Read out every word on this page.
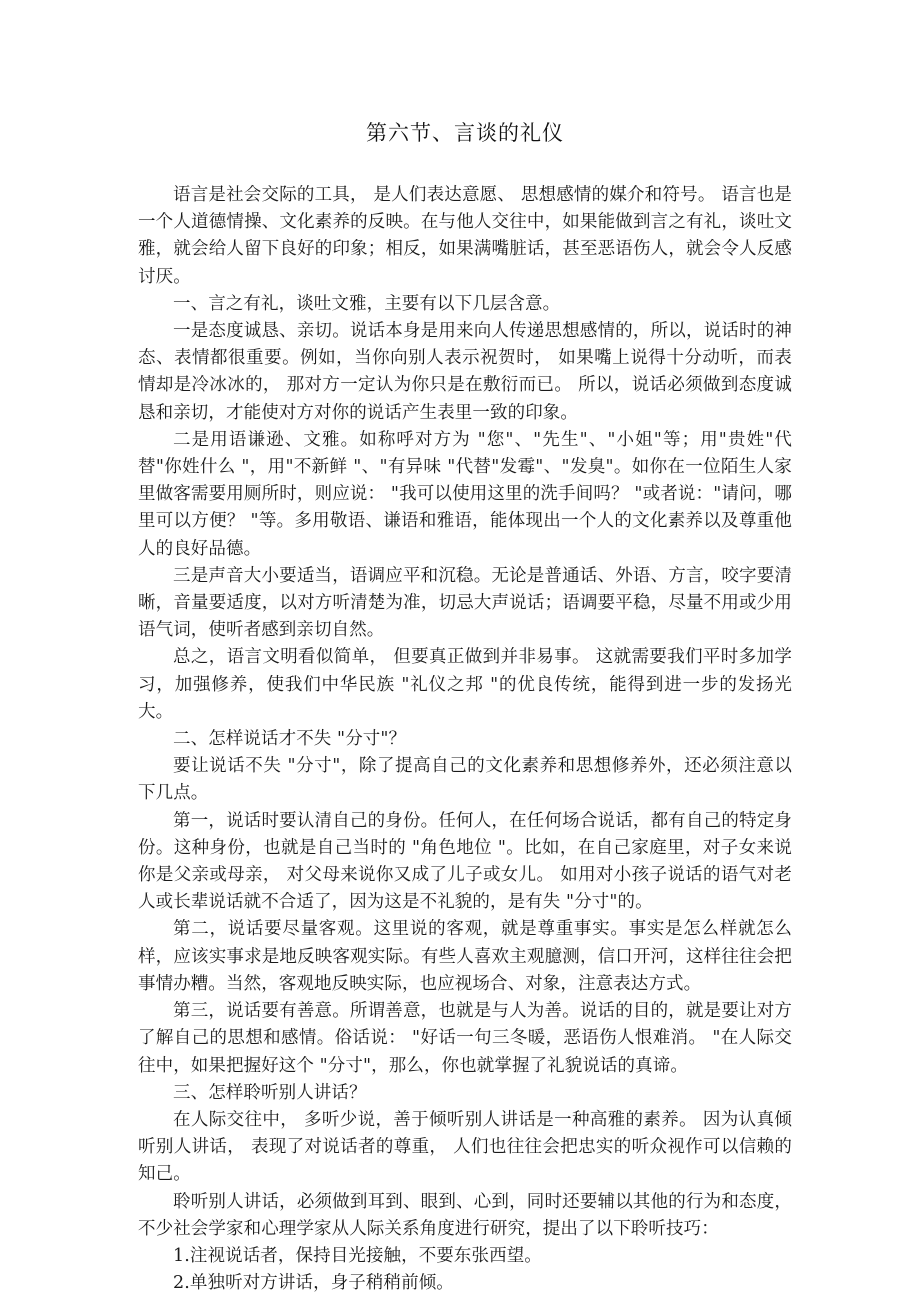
第六节、言谈的礼仪

语言是社会交际的工具， 是人们表达意愿、 思想感情的媒介和符号。 语言也是一个人道德情操、文化素养的反映。在与他人交往中，如果能做到言之有礼，谈吐文雅，就会给人留下良好的印象；相反，如果满嘴脏话，甚至恶语伤人，就会令人反感讨厌。

一、言之有礼，谈吐文雅，主要有以下几层含意。

一是态度诚恳、亲切。说话本身是用来向人传递思想感情的，所以，说话时的神态、表情都很重要。例如，当你向别人表示祝贺时， 如果嘴上说得十分动听，而表情却是冷冰冰的， 那对方一定认为你只是在敷衍而已。 所以，说话必须做到态度诚恳和亲切，才能使对方对你的说话产生表里一致的印象。

二是用语谦逊、文雅。如称呼对方为 "您"、"先生"、"小姐"等；用"贵姓"代替"你姓什么 "，用"不新鲜 "、"有异味 "代替"发霉"、"发臭"。如你在一位陌生人家里做客需要用厕所时，则应说： "我可以使用这里的洗手间吗？ "或者说："请问，哪里可以方便？ "等。多用敬语、谦语和雅语，能体现出一个人的文化素养以及尊重他人的良好品德。

三是声音大小要适当，语调应平和沉稳。无论是普通话、外语、方言，咬字要清晰，音量要适度，以对方听清楚为准，切忌大声说话；语调要平稳，尽量不用或少用语气词，使听者感到亲切自然。

总之，语言文明看似简单， 但要真正做到并非易事。 这就需要我们平时多加学习，加强修养，使我们中华民族 "礼仪之邦 "的优良传统，能得到进一步的发扬光大。

二、怎样说话才不失 "分寸"？

要让说话不失 "分寸"，除了提高自己的文化素养和思想修养外，还必须注意以下几点。

第一，说话时要认清自己的身份。任何人，在任何场合说话，都有自己的特定身份。这种身份，也就是自己当时的 "角色地位 "。比如，在自己家庭里，对子女来说你是父亲或母亲， 对父母来说你又成了儿子或女儿。 如用对小孩子说话的语气对老人或长辈说话就不合适了，因为这是不礼貌的，是有失 "分寸"的。

第二，说话要尽量客观。这里说的客观，就是尊重事实。事实是怎么样就怎么样，应该实事求是地反映客观实际。有些人喜欢主观臆测，信口开河，这样往往会把事情办糟。当然，客观地反映实际，也应视场合、对象，注意表达方式。

第三，说话要有善意。所谓善意，也就是与人为善。说话的目的，就是要让对方了解自己的思想和感情。俗话说： "好话一句三冬暖，恶语伤人恨难消。 "在人际交往中，如果把握好这个 "分寸"，那么，你也就掌握了礼貌说话的真谛。

三、怎样聆听别人讲话？

在人际交往中， 多听少说，善于倾听别人讲话是一种高雅的素养。 因为认真倾听别人讲话， 表现了对说话者的尊重， 人们也往往会把忠实的听众视作可以信赖的知己。

聆听别人讲话，必须做到耳到、眼到、心到，同时还要辅以其他的行为和态度，不少社会学家和心理学家从人际关系角度进行研究，提出了以下聆听技巧：

1.注视说话者，保持目光接触，不要东张西望。

2.单独听对方讲话，身子稍稍前倾。
